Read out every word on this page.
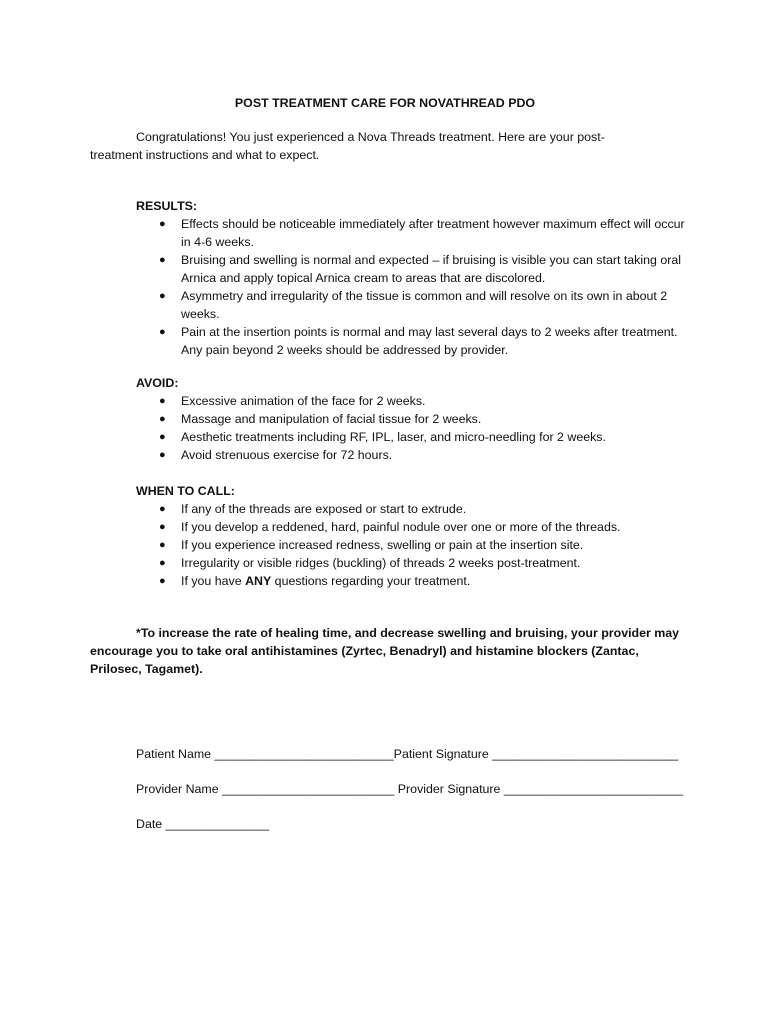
POST TREATMENT CARE FOR NOVATHREAD PDO
Congratulations! You just experienced a Nova Threads treatment. Here are your post-treatment instructions and what to expect.
RESULTS:
● Effects should be noticeable immediately after treatment however maximum effect will occur in 4-6 weeks.
● Bruising and swelling is normal and expected – if bruising is visible you can start taking oral Arnica and apply topical Arnica cream to areas that are discolored.
● Asymmetry and irregularity of the tissue is common and will resolve on its own in about 2 weeks.
● Pain at the insertion points is normal and may last several days to 2 weeks after treatment. Any pain beyond 2 weeks should be addressed by provider.
AVOID:
● Excessive animation of the face for 2 weeks.
● Massage and manipulation of facial tissue for 2 weeks.
● Aesthetic treatments including RF, IPL, laser, and micro-needling for 2 weeks.
● Avoid strenuous exercise for 72 hours.
WHEN TO CALL:
● If any of the threads are exposed or start to extrude.
● If you develop a reddened, hard, painful nodule over one or more of the threads.
● If you experience increased redness, swelling or pain at the insertion site.
● Irregularity or visible ridges (buckling) of threads 2 weeks post-treatment.
● If you have ANY questions regarding your treatment.
*To increase the rate of healing time, and decrease swelling and bruising, your provider may encourage you to take oral antihistamines (Zyrtec, Benadryl) and histamine blockers (Zantac, Prilosec, Tagamet).
Patient Name __________________________Patient Signature ___________________________
Provider Name _________________________ Provider Signature __________________________
Date _______________
